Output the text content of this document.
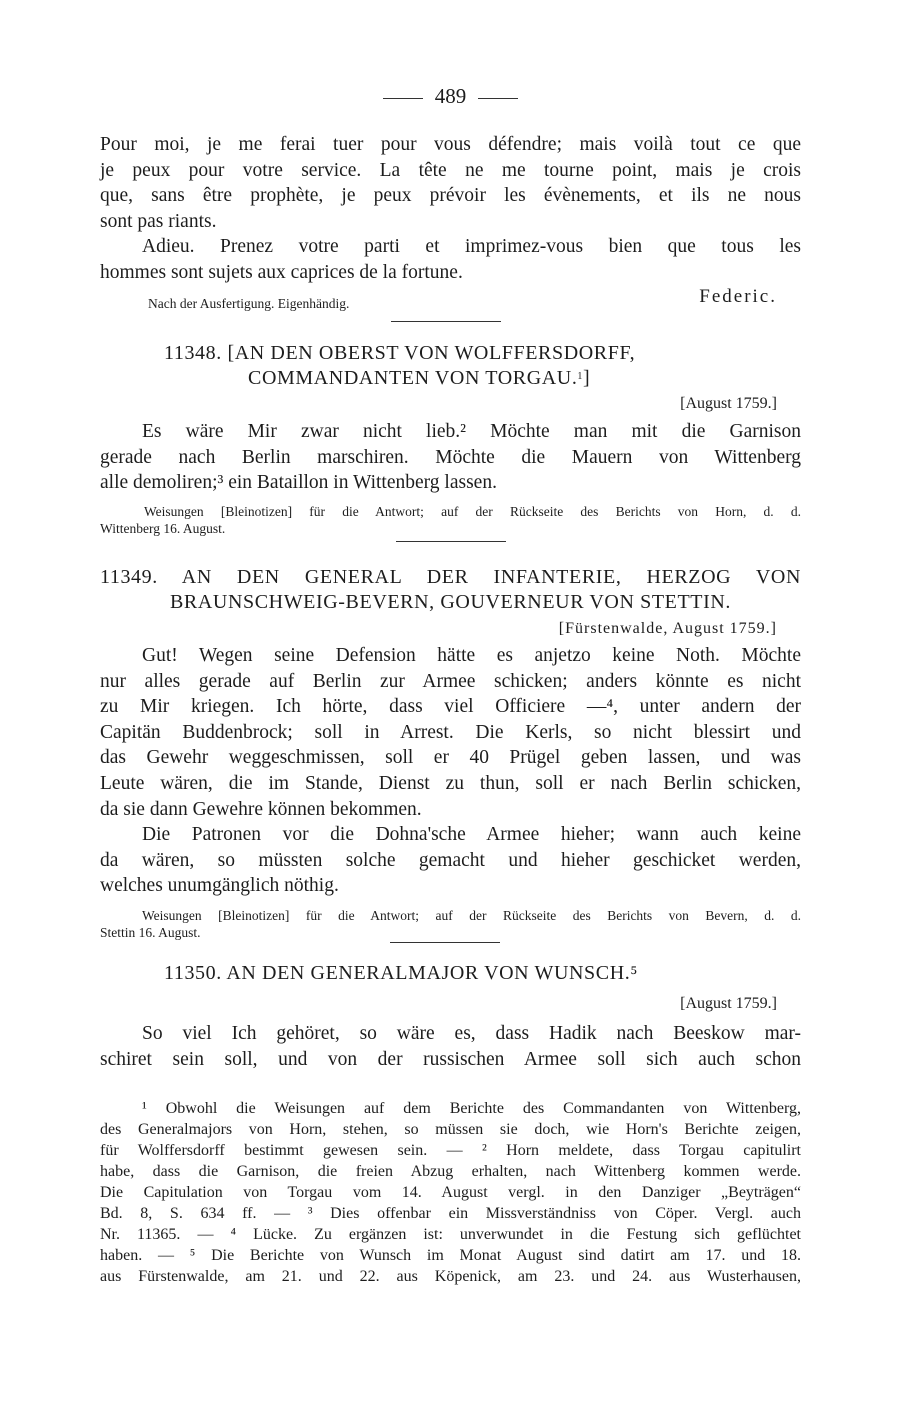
489
Pour moi, je me ferai tuer pour vous défendre; mais voilà tout ce que
je peux pour votre service. La tête ne me tourne point, mais je crois
que, sans être prophète, je peux prévoir les évènements, et ils ne nous
sont pas riants.
Adieu. Prenez votre parti et imprimez-vous bien que tous les
hommes sont sujets aux caprices de la fortune.
Nach der Ausfertigung. Eigenhändig.	Federic.
11348. [AN DEN OBERST VON WOLFFERSDORFF,
COMMANDANTEN VON TORGAU.$^1$]
[August 1759.]
Es wäre Mir zwar nicht lieb.² Möchte man mit die Garnison
gerade nach Berlin marschiren. Möchte die Mauern von Wittenberg
alle demoliren;³ ein Bataillon in Wittenberg lassen.
Weisungen [Bleinotizen] für die Antwort; auf der Rückseite des Berichts von Horn, d. d.
Wittenberg 16. August.
11349. AN DEN GENERAL DER INFANTERIE, HERZOG VON
BRAUNSCHWEIG-BEVERN, GOUVERNEUR VON STETTIN.
[Fürstenwalde, August 1759.]
Gut! Wegen seine Defension hätte es anjetzo keine Noth. Möchte
nur alles gerade auf Berlin zur Armee schicken; anders könnte es nicht
zu Mir kriegen. Ich hörte, dass viel Officiere —⁴, unter andern der
Capitän Buddenbrock; soll in Arrest. Die Kerls, so nicht blessirt und
das Gewehr weggeschmissen, soll er 40 Prügel geben lassen, und was
Leute wären, die im Stande, Dienst zu thun, soll er nach Berlin schicken,
da sie dann Gewehre können bekommen.
Die Patronen vor die Dohna'sche Armee hieher; wann auch keine
da wären, so müssten solche gemacht und hieher geschicket werden,
welches unumgänglich nöthig.
Weisungen [Bleinotizen] für die Antwort; auf der Rückseite des Berichts von Bevern, d. d.
Stettin 16. August.
11350. AN DEN GENERALMAJOR VON WUNSCH.⁵
[August 1759.]
So viel Ich gehöret, so wäre es, dass Hadik nach Beeskow mar-
schiret sein soll, und von der russischen Armee soll sich auch schon
¹ Obwohl die Weisungen auf dem Berichte des Commandanten von Wittenberg,
des Generalmajors von Horn, stehen, so müssen sie doch, wie Horn's Berichte zeigen,
für Wolffersdorff bestimmt gewesen sein. — ² Horn meldete, dass Torgau capitulirt
habe, dass die Garnison, die freien Abzug erhalten, nach Wittenberg kommen werde.
Die Capitulation von Torgau vom 14. August vergl. in den Danziger „Beyträgen“
Bd. 8, S. 634 ff. — ³ Dies offenbar ein Missverständniss von Cöper. Vergl. auch
Nr. 11365. — ⁴ Lücke. Zu ergänzen ist: unverwundet in die Festung sich geflüchtet
haben. — ⁵ Die Berichte von Wunsch im Monat August sind datirt am 17. und 18.
aus Fürstenwalde, am 21. und 22. aus Köpenick, am 23. und 24. aus Wusterhausen,
